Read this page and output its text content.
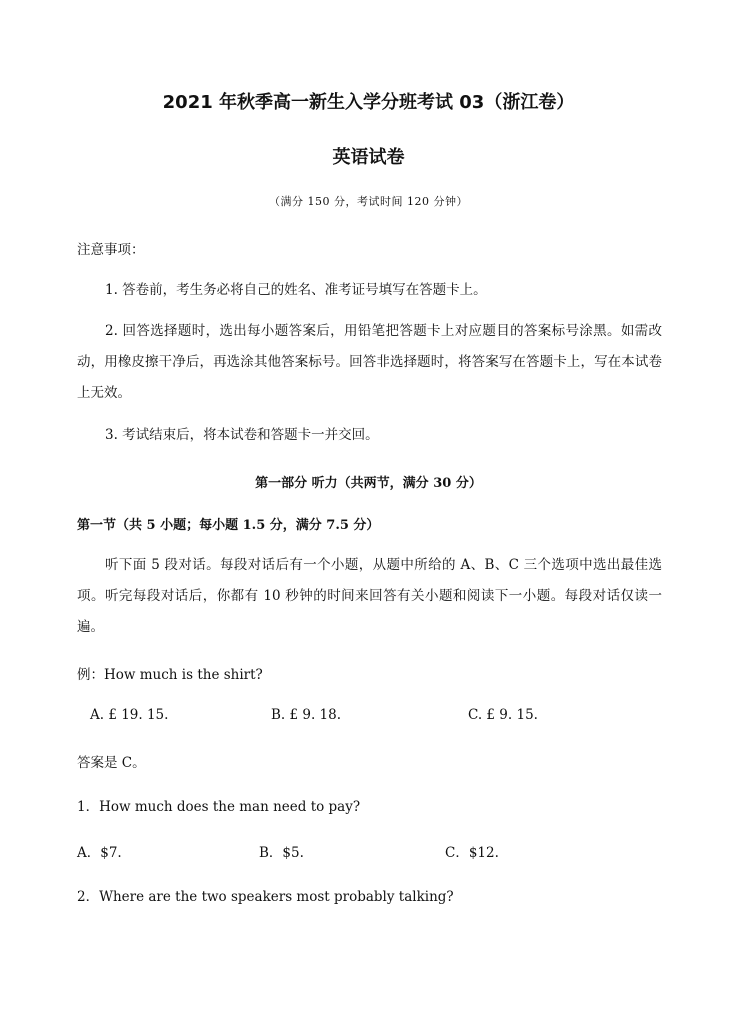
2021 年秋季高一新生入学分班考试 03（浙江卷）
英语试卷
（满分 150 分，考试时间 120 分钟）
注意事项：
1. 答卷前，考生务必将自己的姓名、准考证号填写在答题卡上。
2. 回答选择题时，选出每小题答案后，用铅笔把答题卡上对应题目的答案标号涂黑。如需改动，用橡皮擦干净后，再选涂其他答案标号。回答非选择题时，将答案写在答题卡上，写在本试卷上无效。
3. 考试结束后，将本试卷和答题卡一并交回。
第一部分 听力（共两节，满分 30 分）
第一节（共 5 小题；每小题 1.5 分，满分 7.5 分）
听下面 5 段对话。每段对话后有一个小题，从题中所给的 A、B、C 三个选项中选出最佳选项。听完每段对话后，你都有 10 秒钟的时间来回答有关小题和阅读下一小题。每段对话仅读一遍。
例：How much is the shirt?
A. £ 19. 15.	B. £ 9. 18.	C. £ 9. 15.
答案是 C。
1．How much does the man need to pay?
A．$7.	B．$5.	C．$12.
2．Where are the two speakers most probably talking?
